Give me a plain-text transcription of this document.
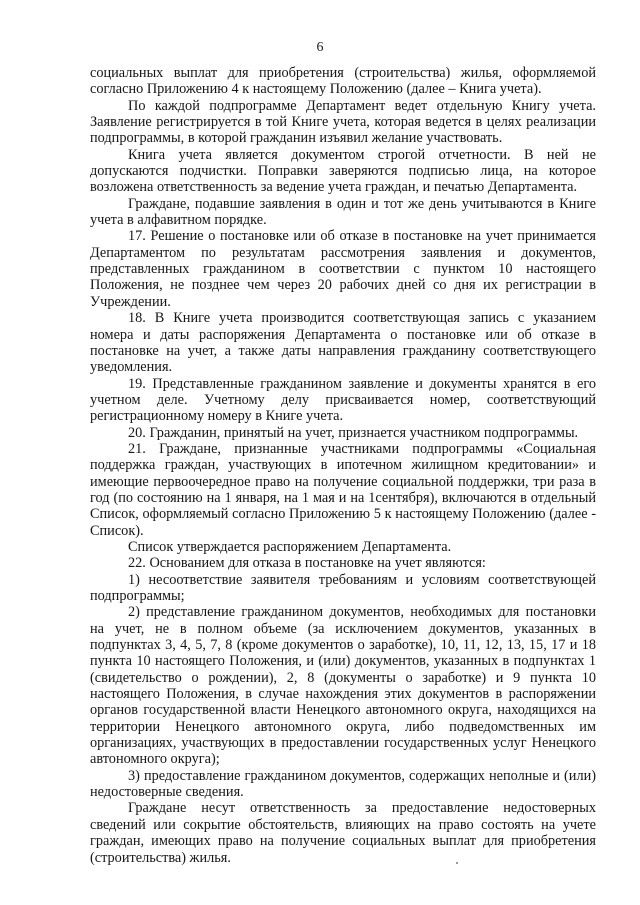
6

социальных выплат для приобретения (строительства) жилья, оформляемой согласно Приложению 4 к настоящему Положению (далее – Книга учета).

По каждой подпрограмме Департамент ведет отдельную Книгу учета. Заявление регистрируется в той Книге учета, которая ведется в целях реализации подпрограммы, в которой гражданин изъявил желание участвовать.

Книга учета является документом строгой отчетности. В ней не допускаются подчистки. Поправки заверяются подписью лица, на которое возложена ответственность за ведение учета граждан, и печатью Департамента.

Граждане, подавшие заявления в один и тот же день учитываются в Книге учета в алфавитном порядке.

17. Решение о постановке или об отказе в постановке на учет принимается Департаментом по результатам рассмотрения заявления и документов, представленных гражданином в соответствии с пунктом 10 настоящего Положения, не позднее чем через 20 рабочих дней со дня их регистрации в Учреждении.

18. В Книге учета производится соответствующая запись с указанием номера и даты распоряжения Департамента о постановке или об отказе в постановке на учет, а также даты направления гражданину соответствующего уведомления.

19. Представленные гражданином заявление и документы хранятся в его учетном деле. Учетному делу присваивается номер, соответствующий регистрационному номеру в Книге учета.

20. Гражданин, принятый на учет, признается участником подпрограммы.

21. Граждане, признанные участниками подпрограммы «Социальная поддержка граждан, участвующих в ипотечном жилищном кредитовании» и имеющие первоочередное право на получение социальной поддержки, три раза в год (по состоянию на 1 января, на 1 мая и на 1сентября), включаются в отдельный Список, оформляемый согласно Приложению 5 к настоящему Положению (далее - Список).

Список утверждается распоряжением Департамента.

22. Основанием для отказа в постановке на учет являются:

1) несоответствие заявителя требованиям и условиям соответствующей подпрограммы;

2) представление гражданином документов, необходимых для постановки на учет, не в полном объеме (за исключением документов, указанных в подпунктах 3, 4, 5, 7, 8 (кроме документов о заработке), 10, 11, 12, 13, 15, 17 и 18 пункта 10 настоящего Положения, и (или) документов, указанных в подпунктах 1 (свидетельство о рождении), 2, 8 (документы о заработке) и 9 пункта 10 настоящего Положения, в случае нахождения этих документов в распоряжении органов государственной власти Ненецкого автономного округа, находящихся на территории Ненецкого автономного округа, либо подведомственных им организациях, участвующих в предоставлении государственных услуг Ненецкого автономного округа);

3) предоставление гражданином документов, содержащих неполные и (или) недостоверные сведения.

Граждане несут ответственность за предоставление недостоверных сведений или сокрытие обстоятельств, влияющих на право состоять на учете граждан, имеющих право на получение социальных выплат для приобретения (строительства) жилья.
